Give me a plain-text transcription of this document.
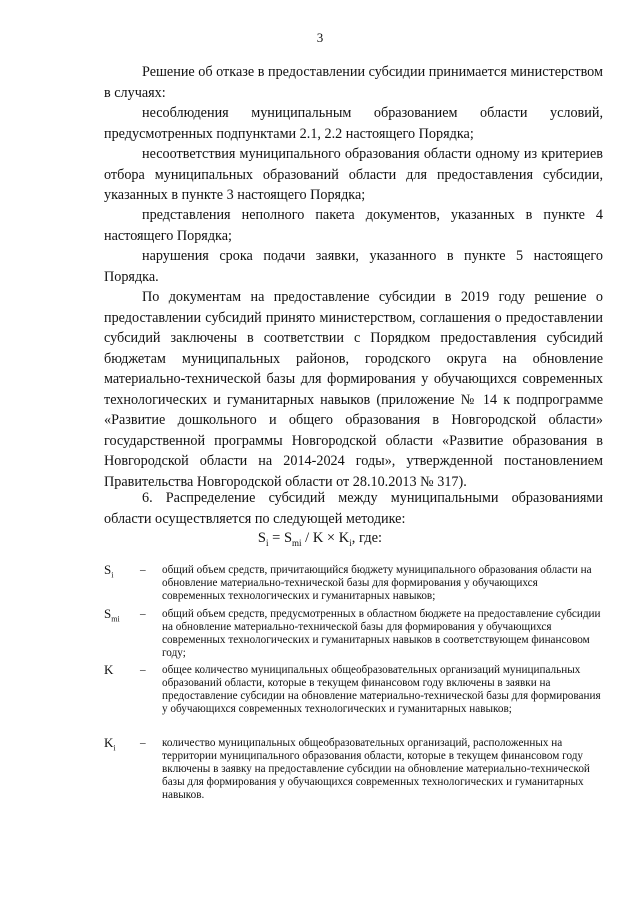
3
Решение об отказе в предоставлении субсидии принимается министерством в случаях:
несоблюдения муниципальным образованием области условий, предусмотренных подпунктами 2.1, 2.2 настоящего Порядка;
несоответствия муниципального образования области одному из критериев отбора муниципальных образований области для предоставления субсидии, указанных в пункте 3 настоящего Порядка;
представления неполного пакета документов, указанных в пункте 4 настоящего Порядка;
нарушения срока подачи заявки, указанного в пункте 5 настоящего Порядка.
По документам на предоставление субсидии в 2019 году решение о предоставлении субсидий принято министерством, соглашения о предоставлении субсидий заключены в соответствии с Порядком предоставления субсидий бюджетам муниципальных районов, городского округа на обновление материально-технической базы для формирования у обучающихся современных технологических и гуманитарных навыков (приложение № 14 к подпрограмме «Развитие дошкольного и общего образования в Новгородской области» государственной программы Новгородской области «Развитие образования в Новгородской области на 2014-2024 годы», утвержденной постановлением Правительства Новгородской области от 28.10.2013 № 317).
6. Распределение субсидий между муниципальными образованиями области осуществляется по следующей методике:
$S_i = S_{mi} / K \times K_i$, где:
$S_i$ – общий объем средств, причитающийся бюджету муниципального образования области на обновление материально-технической базы для формирования у обучающихся современных технологических и гуманитарных навыков;
$S_{mi}$ – общий объем средств, предусмотренных в областном бюджете на предоставление субсидии на обновление материально-технической базы для формирования у обучающихся современных технологических и гуманитарных навыков в соответствующем финансовом году;
K – общее количество муниципальных общеобразовательных организаций муниципальных образований области, которые в текущем финансовом году включены в заявки на предоставление субсидии на обновление материально-технической базы для формирования у обучающихся современных технологических и гуманитарных навыков;
$K_i$ – количество муниципальных общеобразовательных организаций, расположенных на территории муниципального образования области, которые в текущем финансовом году включены в заявку на предоставление субсидии на обновление материально-технической базы для формирования у обучающихся современных технологических и гуманитарных навыков.
